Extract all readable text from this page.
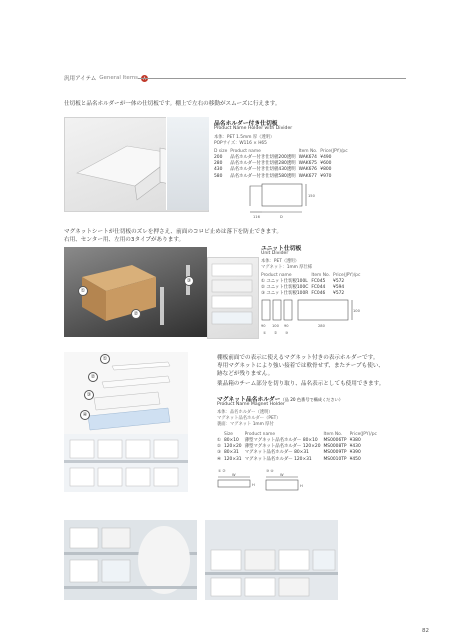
汎用アイテム General Items
仕切板と品名ホルダーが一体の仕切板です。棚上で左右の移動がスムーズに行えます。
品名ホルダー付き仕切板
Product Name Holder with Divider
本体：PET 1.5mm 厚（透明）
POPサイズ：W116 × H65
D size	Product name	Item No.	Price(JPY)/pc
200	品名ホルダー付き仕切板200透明	WAK674	¥490
280	品名ホルダー付き仕切板280透明	WAK675	¥600
430	品名ホルダー付き仕切板430透明	WAK676	¥800
580	品名ホルダー付き仕切板580透明	WAK677	¥970
116	D
150
マグネットシートが仕切板のズレを押さえ、前面のコロビ止めは落下を防止できます。
右用、センター用、左用の3タイプがあります。
①
②
③
ユニット仕切板
Unit Divider
本体：PET（透明）
マグネット：1mm 厚仕様
Product name	Item No.	Price(JPY)/pc
① ユニット仕切板100L	FC045	¥572
② ユニット仕切板100C	FC044	¥594
③ ユニット仕切板100R	FC046	¥572
90 100 90	280
100
① ② ③
①
②
③
④
棚板前面での表示に使えるマグネット付きの表示ホルダーです。
専用マグネットにより強い接着では軟骨せず、またテープも使い、
跡などが残りません。
薬品箱のチーム部分を切り取り、品名表示としても使用できます。
マグネット品名ホルダー（品 20 色番号で構成ください）
Product Name Magnet Holder
本体：品名ホルダー（透明）
マグネット品名ホルダー（PET）
裏面：マグネット 1mm 厚付
	Size	Product name	Item No.	Price(JPY)/pc
①	80×10	薄型マグネット品名ホルダー 80×10	MS0006TP	¥380
②	120×20	薄型マグネット品名ホルダー 120×20	MS0008TP	¥430
③	80×31	マグネット品名ホルダー 80×31	MS0009TP	¥390
④	120×31	マグネット品名ホルダー 120×31	MS0010TP	¥450
① ②	③ ④
W
H
W
H
82
